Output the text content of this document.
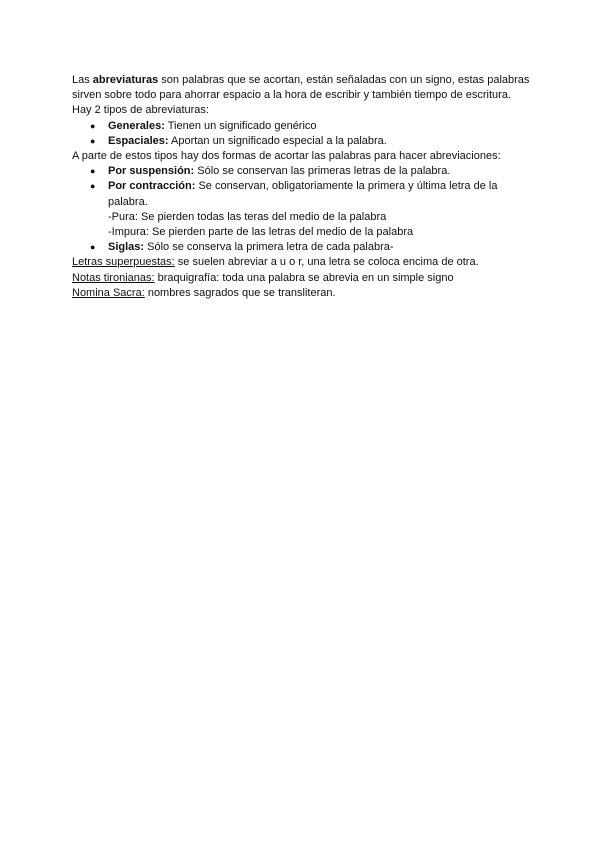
Las abreviaturas son palabras que se acortan, están señaladas con un signo, estas palabras sirven sobre todo para ahorrar espacio a la hora de escribir y también tiempo de escritura.

Hay 2 tipos de abreviaturas:

● Generales: Tienen un significado genérico
● Espaciales: Aportan un significado especial a la palabra.

A parte de estos tipos hay dos formas de acortar las palabras para hacer abreviaciones:

● Por suspensión: Sólo se conservan las primeras letras de la palabra.
● Por contracción: Se conservan, obligatoriamente la primera y última letra de la palabra.

-Pura: Se pierden todas las teras del medio de la palabra

-Impura: Se pierden parte de las letras del medio de la palabra

● Siglas: Sólo se conserva la primera letra de cada palabra-

Letras superpuestas: se suelen abreviar a u o r, una letra se coloca encima de otra.

Notas tironianas: braquigrafía: toda una palabra se abrevia en un simple signo

Nomina Sacra: nombres sagrados que se transliteran.
